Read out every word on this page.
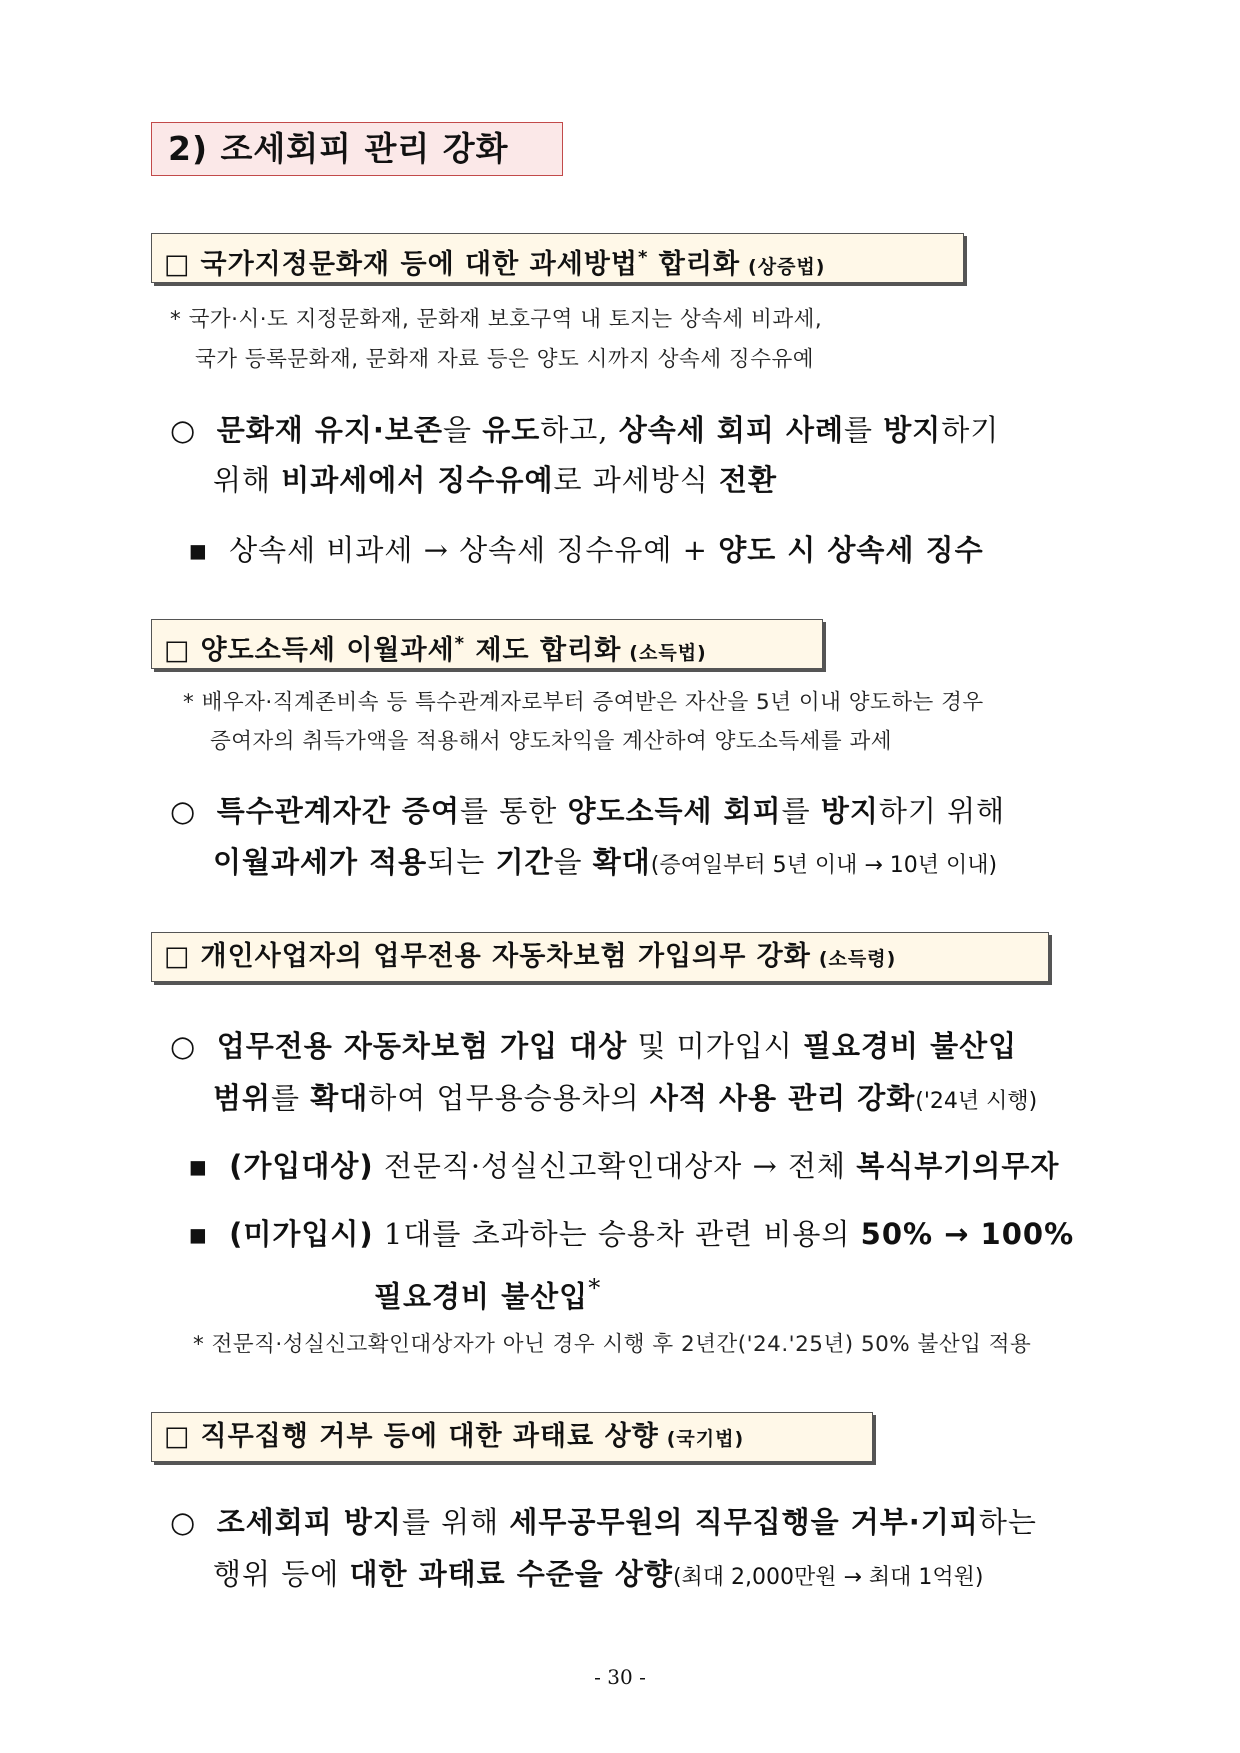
2) 조세회피 관리 강화
□ 국가지정문화재 등에 대한 과세방법* 합리화 (상증법)
* 국가·시·도 지정문화재, 문화재 보호구역 내 토지는 상속세 비과세,
국가 등록문화재, 문화재 자료 등은 양도 시까지 상속세 징수유예
○ 문화재 유지·보존을 유도하고, 상속세 회피 사례를 방지하기
위해 비과세에서 징수유예로 과세방식 전환
▪ 상속세 비과세 → 상속세 징수유예 + 양도 시 상속세 징수
□ 양도소득세 이월과세* 제도 합리화 (소득법)
* 배우자·직계존비속 등 특수관계자로부터 증여받은 자산을 5년 이내 양도하는 경우
증여자의 취득가액을 적용해서 양도차익을 계산하여 양도소득세를 과세
○ 특수관계자간 증여를 통한 양도소득세 회피를 방지하기 위해
이월과세가 적용되는 기간을 확대(증여일부터 5년 이내 → 10년 이내)
□ 개인사업자의 업무전용 자동차보험 가입의무 강화 (소득령)
○ 업무전용 자동차보험 가입 대상 및 미가입시 필요경비 불산입
범위를 확대하여 업무용승용차의 사적 사용 관리 강화('24년 시행)
▪ (가입대상) 전문직·성실신고확인대상자 → 전체 복식부기의무자
▪ (미가입시) 1대를 초과하는 승용차 관련 비용의 50% → 100%
필요경비 불산입*
* 전문직·성실신고확인대상자가 아닌 경우 시행 후 2년간('24.'25년) 50% 불산입 적용
□ 직무집행 거부 등에 대한 과태료 상향 (국기법)
○ 조세회피 방지를 위해 세무공무원의 직무집행을 거부·기피하는
행위 등에 대한 과태료 수준을 상향(최대 2,000만원 → 최대 1억원)
- 30 -
